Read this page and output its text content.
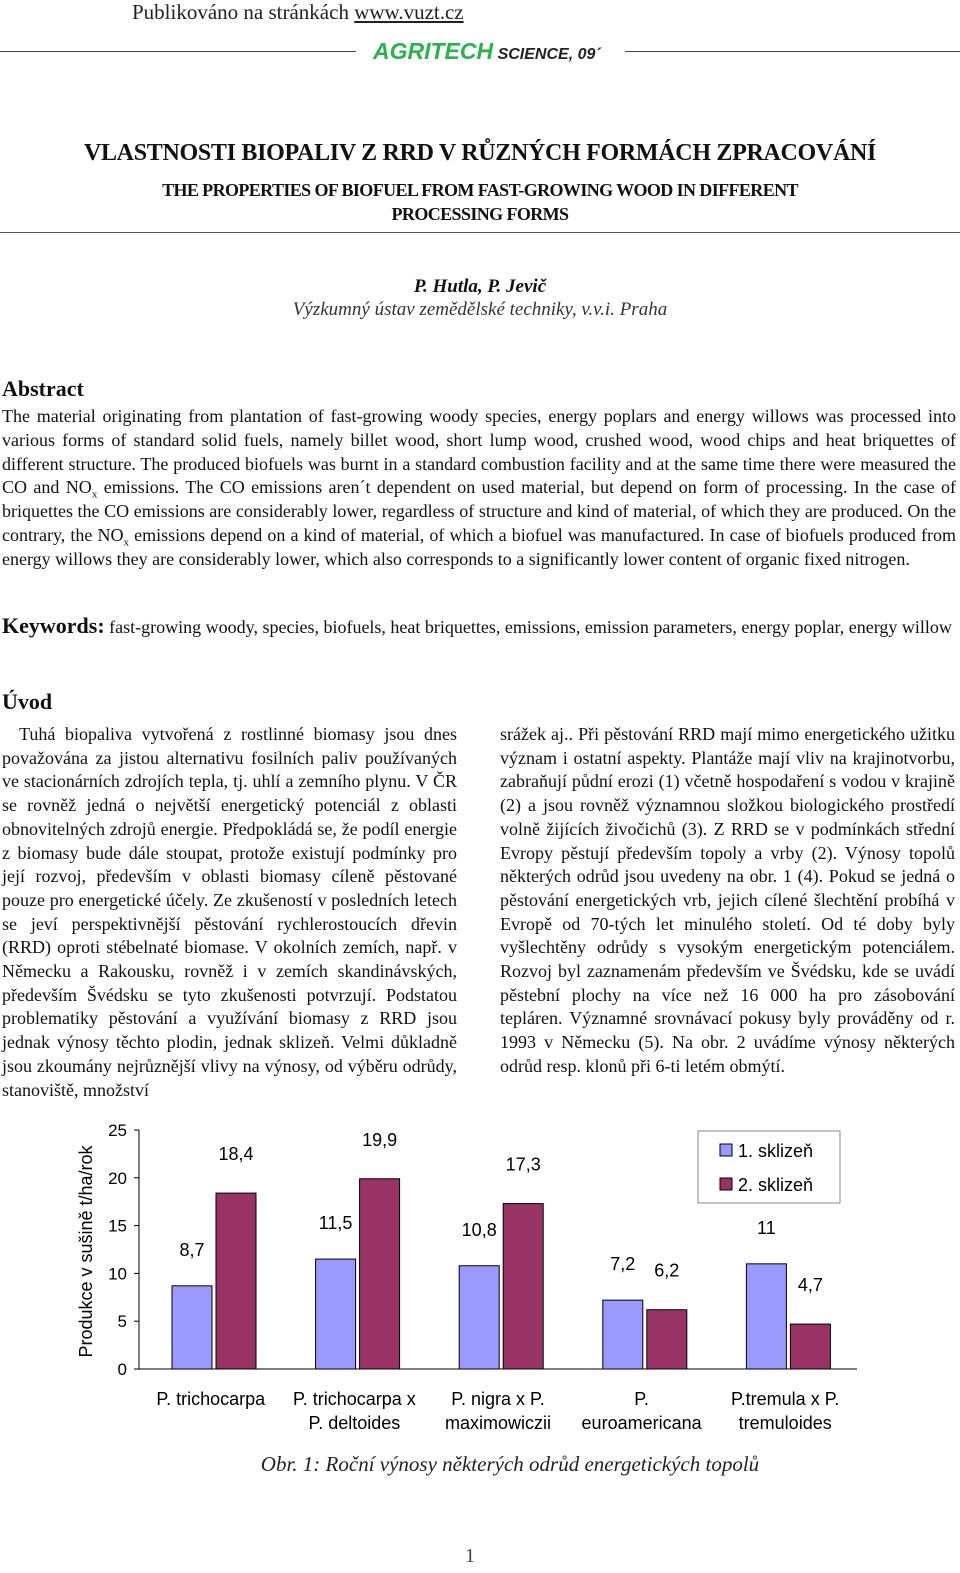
Publikováno na stránkách www.vuzt.cz
AGRITECH SCIENCE, 09´
VLASTNOSTI BIOPALIV Z RRD V RŮZNÝCH FORMÁCH ZPRACOVÁNÍ
THE PROPERTIES OF BIOFUEL FROM FAST-GROWING WOOD IN DIFFERENT PROCESSING FORMS
P. Hutla, P. Jevič
Výzkumný ústav zemědělské techniky, v.v.i. Praha
Abstract
The material originating from plantation of fast-growing woody species, energy poplars and energy willows was processed into various forms of standard solid fuels, namely billet wood, short lump wood, crushed wood, wood chips and heat briquettes of different structure. The produced biofuels was burnt in a standard combustion facility and at the same time there were measured the CO and $NO_x$ emissions. The CO emissions aren´t dependent on used material, but depend on form of processing. In the case of briquettes the CO emissions are considerably lower, regardless of structure and kind of material, of which they are produced. On the contrary, the $NO_x$ emissions depend on a kind of material, of which a biofuel was manufactured. In case of biofuels produced from energy willows they are considerably lower, which also corresponds to a significantly lower content of organic fixed nitrogen.
Keywords: fast-growing woody, species, biofuels, heat briquettes, emissions, emission parameters, energy poplar, energy willow
Úvod
Tuhá biopaliva vytvořená z rostlinné biomasy jsou dnes považována za jistou alternativu fosilních paliv používaných ve stacionárních zdrojích tepla, tj. uhlí a zemního plynu. V ČR se rovněž jedná o největší energetický potenciál z oblasti obnovitelných zdrojů energie. Předpokládá se, že podíl energie z biomasy bude dále stoupat, protože existují podmínky pro její rozvoj, především v oblasti biomasy cíleně pěstované pouze pro energetické účely. Ze zkušeností v posledních letech se jeví perspektivnější pěstování rychlerostoucích dřevin (RRD) oproti stébelnaté biomase. V okolních zemích, např. v Německu a Rakousku, rovněž i v zemích skandinávských, především Švédsku se tyto zkušenosti potvrzují. Podstatou problematiky pěstování a využívání biomasy z RRD jsou jednak výnosy těchto plodin, jednak sklizeň. Velmi důkladně jsou zkoumány nejrůznější vlivy na výnosy, od výběru odrůdy, stanoviště, množství
srážek aj.. Při pěstování RRD mají mimo energetického užitku význam i ostatní aspekty. Plantáže mají vliv na krajinotvorbu, zabraňují půdní erozi (1) včetně hospodaření s vodou v krajině (2) a jsou rovněž významnou složkou biologického prostředí volně žijících živočichů (3). Z RRD se v podmínkách střední Evropy pěstují především topoly a vrby (2). Výnosy topolů některých odrůd jsou uvedeny na obr. 1 (4). Pokud se jedná o pěstování energetických vrb, jejich cílené šlechtění probíhá v Evropě od 70-tých let minulého století. Od té doby byly vyšlechtěny odrůdy s vysokým energetickým potenciálem. Rozvoj byl zaznamenám především ve Švédsku, kde se uvádí pěstební plochy na více než 16 000 ha pro zásobování tepláren. Významné srovnávací pokusy byly prováděny od r. 1993 v Německu (5). Na obr. 2 uvádíme výnosy některých odrůd resp. klonů při 6-ti letém obmýtí.
0
5
10
15
20
25
Produkce v sušině t/ha/rok	8,7
11,5	10,8
7,2
11
18,4
19,9
17,3
6,2
4,7
P. trichocarpa P. trichocarpa x
P. deltoides
P. nigra x P.
maximowiczii
P.
euroamericana
P.tremula x P.
tremuloides
1. sklizeň
2. sklizeň
Obr. 1: Roční výnosy některých odrůd energetických topolů
1
